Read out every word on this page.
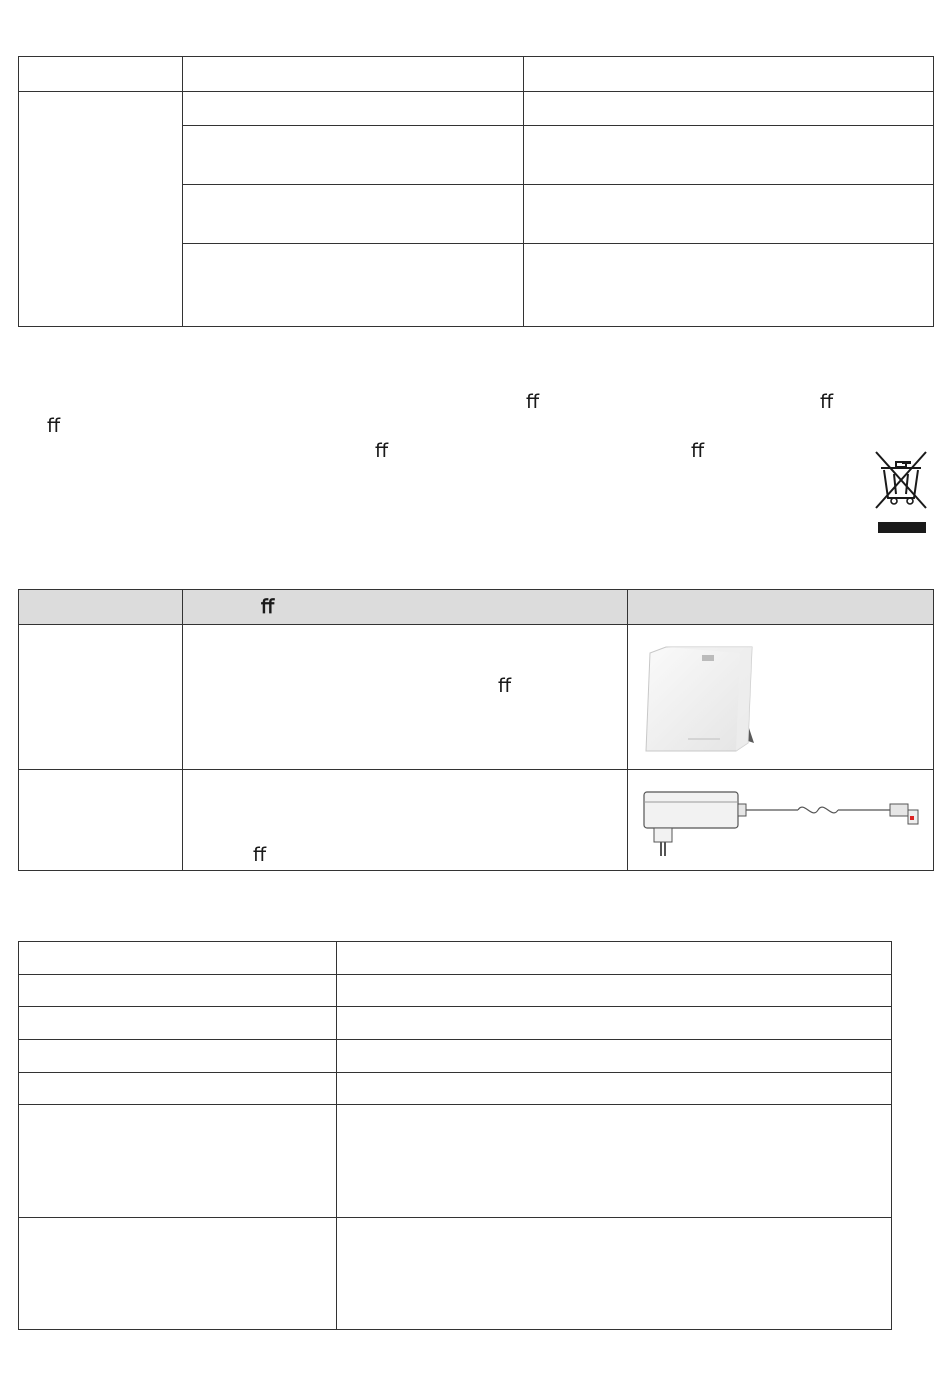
ﬀ	ﬀ
ﬀ
ﬀ	ﬀ

	ﬀ	

	ﬀ

	ﬀ
